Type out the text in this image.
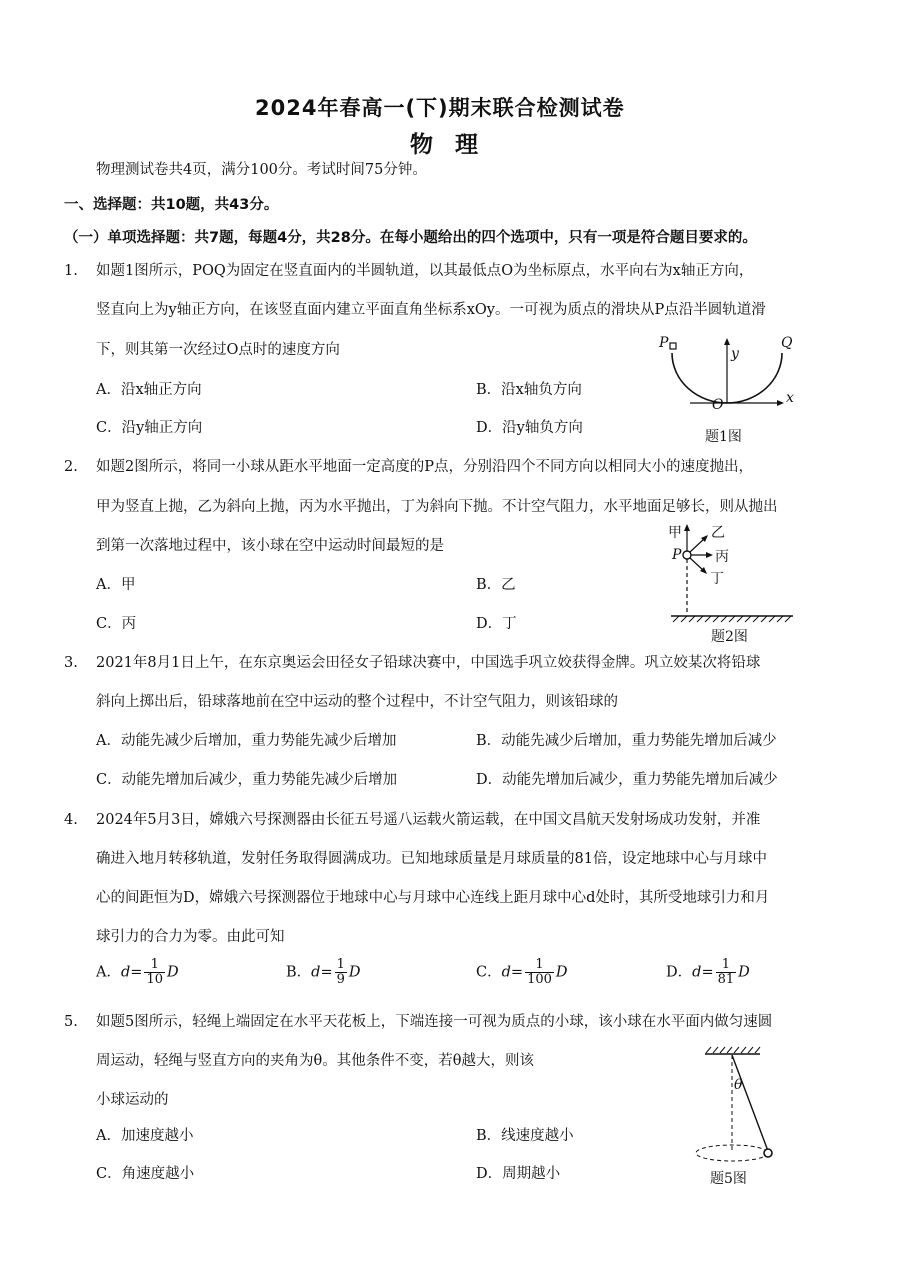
2024年春高一(下)期末联合检测试卷
物理
物理测试卷共4页，满分100分。考试时间75分钟。
一、选择题：共10题，共43分。
（一）单项选择题：共7题，每题4分，共28分。在每小题给出的四个选项中，只有一项是符合题目要求的。
1. 如题1图所示，POQ为固定在竖直面内的半圆轨道，以其最低点O为坐标原点，水平向右为x轴正方向，
竖直向上为y轴正方向，在该竖直面内建立平面直角坐标系xOy。一可视为质点的滑块从P点沿半圆轨道滑
下，则其第一次经过O点时的速度方向
A．沿x轴正方向	B．沿x轴负方向
C．沿y轴正方向	D．沿y轴负方向
P	Q
y
x
O
题1图
2. 如题2图所示，将同一小球从距水平地面一定高度的P点，分别沿四个不同方向以相同大小的速度抛出，
甲为竖直上抛，乙为斜向上抛，丙为水平抛出，丁为斜向下抛。不计空气阻力，水平地面足够长，则从抛出
到第一次落地过程中，该小球在空中运动时间最短的是
A．甲	B．乙
C．丙	D．丁
甲 乙
丙
丁
P
题2图
3. 2021年8月1日上午，在东京奥运会田径女子铅球决赛中，中国选手巩立姣获得金牌。巩立姣某次将铅球
斜向上掷出后，铅球落地前在空中运动的整个过程中，不计空气阻力，则该铅球的
A．动能先减少后增加，重力势能先减少后增加	B．动能先减少后增加，重力势能先增加后减少
C．动能先增加后减少，重力势能先减少后增加	D．动能先增加后减少，重力势能先增加后减少
4. 2024年5月3日，嫦娥六号探测器由长征五号遥八运载火箭运载，在中国文昌航天发射场成功发射，并准
确进入地月转移轨道，发射任务取得圆满成功。已知地球质量是月球质量的81倍，设定地球中心与月球中
心的间距恒为D，嫦娥六号探测器位于地球中心与月球中心连线上距月球中心d处时，其所受地球引力和月
球引力的合力为零。由此可知
A．$d= \frac{1}{10}$ D	B．$d= \frac{1}{9}$ D	C．$d= \frac{1}{100}$ D	D．$d= \frac{1}{81}$ D
5. 如题5图所示，轻绳上端固定在水平天花板上，下端连接一可视为质点的小球，该小球在水平面内做匀速圆
周运动，轻绳与竖直方向的夹角为θ。其他条件不变，若θ越大，则该
小球运动的
A．加速度越小	B．线速度越小
C．角速度越小	D．周期越小
θ
题5图
